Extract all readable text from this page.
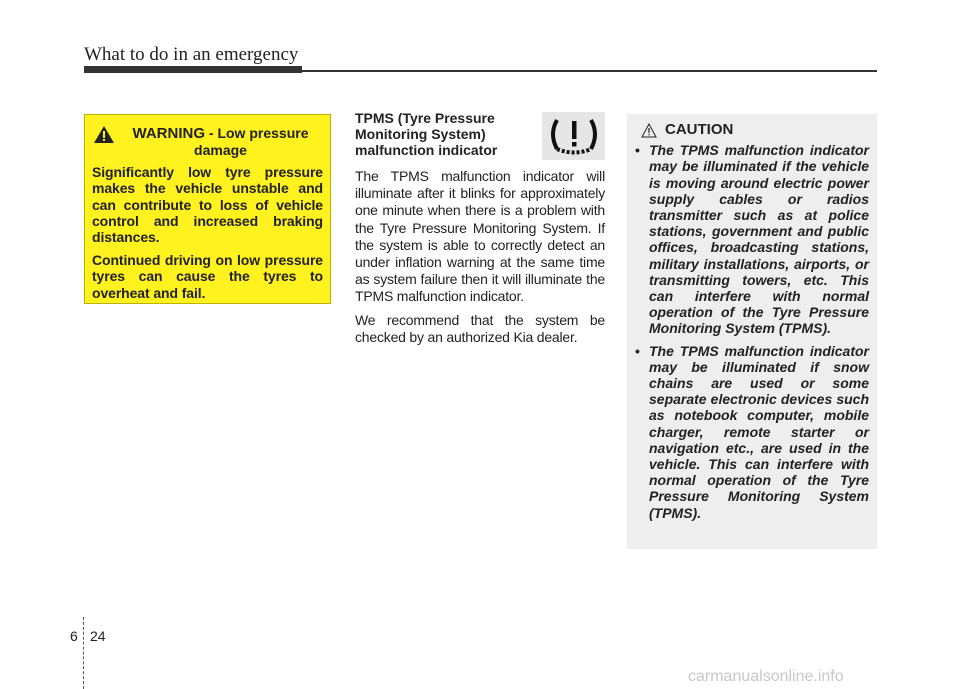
What to do in an emergency
WARNING - Low pressure
damage

Significantly low tyre pressure makes the vehicle unstable and can contribute to loss of vehicle control and increased braking distances.

Continued driving on low pressure tyres can cause the tyres to overheat and fail.

TPMS (Tyre Pressure Monitoring System) malfunction indicator

The TPMS malfunction indicator will illuminate after it blinks for approximately one minute when there is a problem with the Tyre Pressure Monitoring System. If the system is able to correctly detect an under inflation warning at the same time as system failure then it will illuminate the TPMS malfunction indicator.

We recommend that the system be checked by an authorized Kia dealer.

CAUTION
• The TPMS malfunction indicator may be illuminated if the vehicle is moving around electric power supply cables or radios transmitter such as at police stations, government and public offices, broadcasting stations, military installations, airports, or transmitting towers, etc. This can interfere with normal operation of the Tyre Pressure Monitoring System (TPMS).
• The TPMS malfunction indicator may be illuminated if snow chains are used or some separate electronic devices such as notebook computer, mobile charger, remote starter or navigation etc., are used in the vehicle. This can interfere with normal operation of the Tyre Pressure Monitoring System (TPMS).
6 24
carmanualsonline.info
